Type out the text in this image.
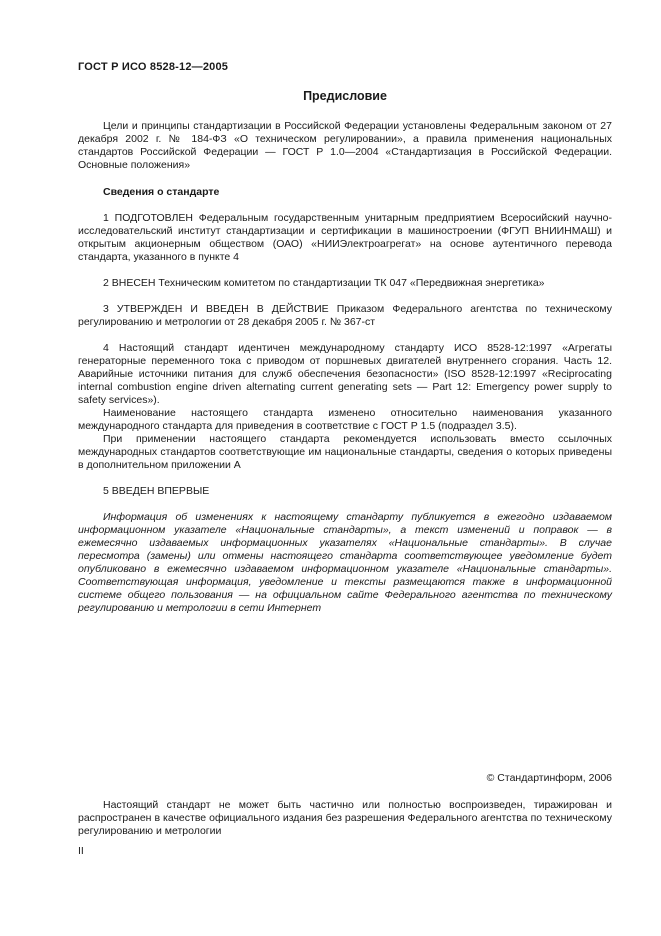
ГОСТ Р ИСО 8528-12—2005
Предисловие
Цели и принципы стандартизации в Российской Федерации установлены Федеральным законом от 27 декабря 2002 г. № 184-ФЗ «О техническом регулировании», а правила применения национальных стандартов Российской Федерации — ГОСТ Р 1.0—2004 «Стандартизация в Российской Федерации. Основные положения»
Сведения о стандарте
1 ПОДГОТОВЛЕН Федеральным государственным унитарным предприятием Всеросийский научно-исследовательский институт стандартизации и сертификации в машиностроении (ФГУП ВНИИНМАШ) и открытым акционерным обществом (ОАО) «НИИЭлектроагрегат» на основе аутентичного перевода стандарта, указанного в пункте 4
2 ВНЕСЕН Техническим комитетом по стандартизации ТК 047 «Передвижная энергетика»
3 УТВЕРЖДЕН И ВВЕДЕН В ДЕЙСТВИЕ Приказом Федерального агентства по техническому регулированию и метрологии от 28 декабря 2005 г. № 367-ст
4 Настоящий стандарт идентичен международному стандарту ИСО 8528-12:1997 «Агрегаты генераторные переменного тока с приводом от поршневых двигателей внутреннего сгорания. Часть 12. Аварийные источники питания для служб обеспечения безопасности» (ISO 8528-12:1997 «Reciprocating internal combustion engine driven alternating current generating sets — Part 12: Emergency power supply to safety services»).
Наименование настоящего стандарта изменено относительно наименования указанного международного стандарта для приведения в соответствие с ГОСТ Р 1.5 (подраздел 3.5).
При применении настоящего стандарта рекомендуется использовать вместо ссылочных международных стандартов соответствующие им национальные стандарты, сведения о которых приведены в дополнительном приложении А
5 ВВЕДЕН ВПЕРВЫЕ
Информация об изменениях к настоящему стандарту публикуется в ежегодно издаваемом информационном указателе «Национальные стандарты», а текст изменений и поправок — в ежемесячно издаваемых информационных указателях «Национальные стандарты». В случае пересмотра (замены) или отмены настоящего стандарта соответствующее уведомление будет опубликовано в ежемесячно издаваемом информационном указателе «Национальные стандарты». Соответствующая информация, уведомление и тексты размещаются также в информационной системе общего пользования — на официальном сайте Федерального агентства по техническому регулированию и метрологии в сети Интернет
© Стандартинформ, 2006
Настоящий стандарт не может быть частично или полностью воспроизведен, тиражирован и распространен в качестве официального издания без разрешения Федерального агентства по техническому регулированию и метрологии
II
